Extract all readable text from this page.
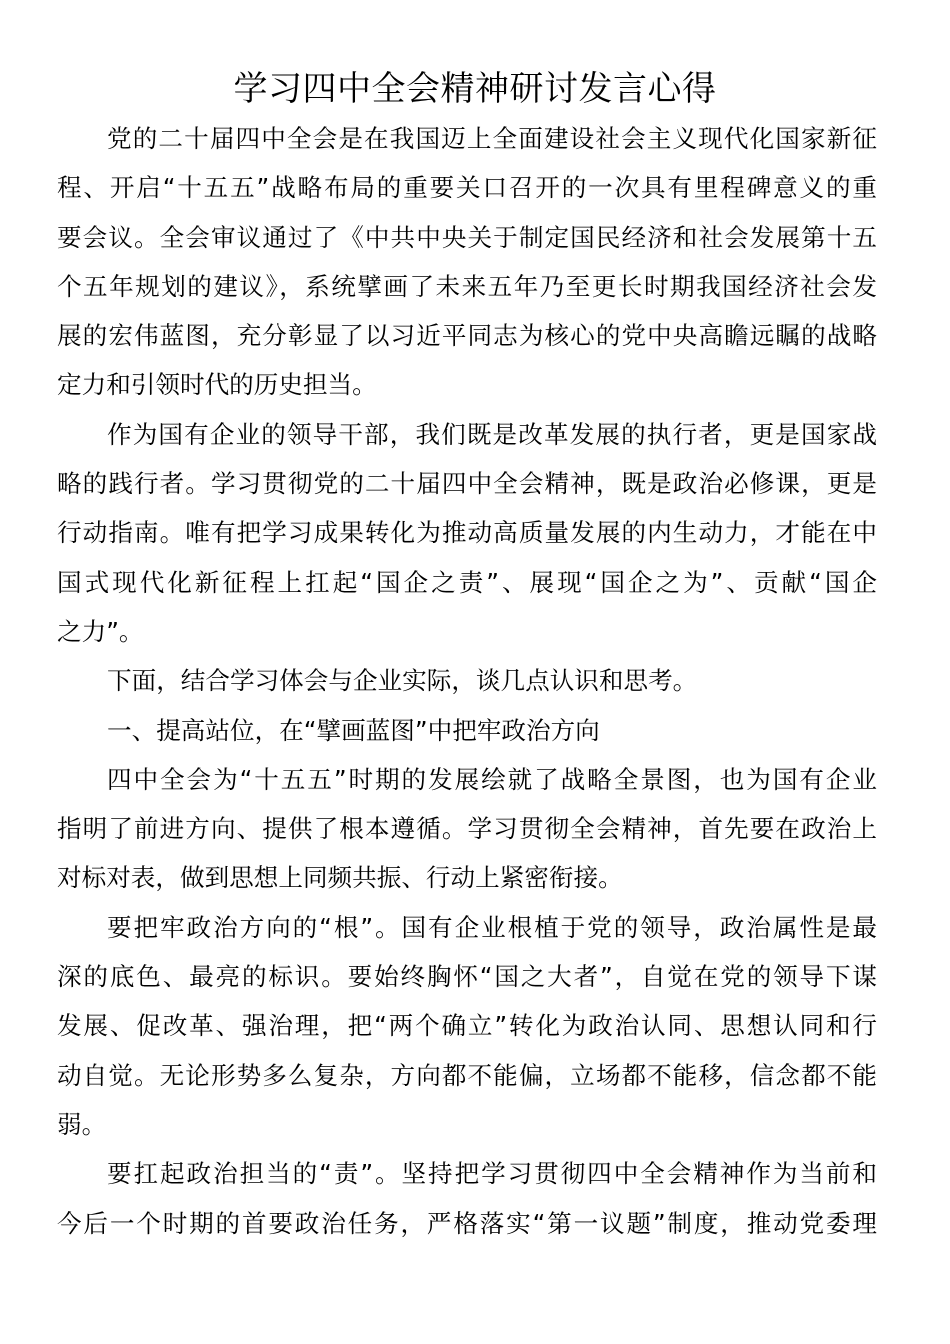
学习四中全会精神研讨发言心得
党的二十届四中全会是在我国迈上全面建设社会主义现代化国家新征
程、开启“十五五”战略布局的重要关口召开的一次具有里程碑意义的重
要会议。全会审议通过了《中共中央关于制定国民经济和社会发展第十五
个五年规划的建议》，系统擘画了未来五年乃至更长时期我国经济社会发
展的宏伟蓝图，充分彰显了以习近平同志为核心的党中央高瞻远瞩的战略
定力和引领时代的历史担当。
作为国有企业的领导干部，我们既是改革发展的执行者，更是国家战
略的践行者。学习贯彻党的二十届四中全会精神，既是政治必修课，更是
行动指南。唯有把学习成果转化为推动高质量发展的内生动力，才能在中
国式现代化新征程上扛起“国企之责”、展现“国企之为”、贡献“国企
之力”。
下面，结合学习体会与企业实际，谈几点认识和思考。
一、提高站位，在“擘画蓝图”中把牢政治方向
四中全会为“十五五”时期的发展绘就了战略全景图，也为国有企业
指明了前进方向、提供了根本遵循。学习贯彻全会精神，首先要在政治上
对标对表，做到思想上同频共振、行动上紧密衔接。
要把牢政治方向的“根”。国有企业根植于党的领导，政治属性是最
深的底色、最亮的标识。要始终胸怀“国之大者”，自觉在党的领导下谋
发展、促改革、强治理，把“两个确立”转化为政治认同、思想认同和行
动自觉。无论形势多么复杂，方向都不能偏，立场都不能移，信念都不能
弱。
要扛起政治担当的“责”。坚持把学习贯彻四中全会精神作为当前和
今后一个时期的首要政治任务，严格落实“第一议题”制度，推动党委理
